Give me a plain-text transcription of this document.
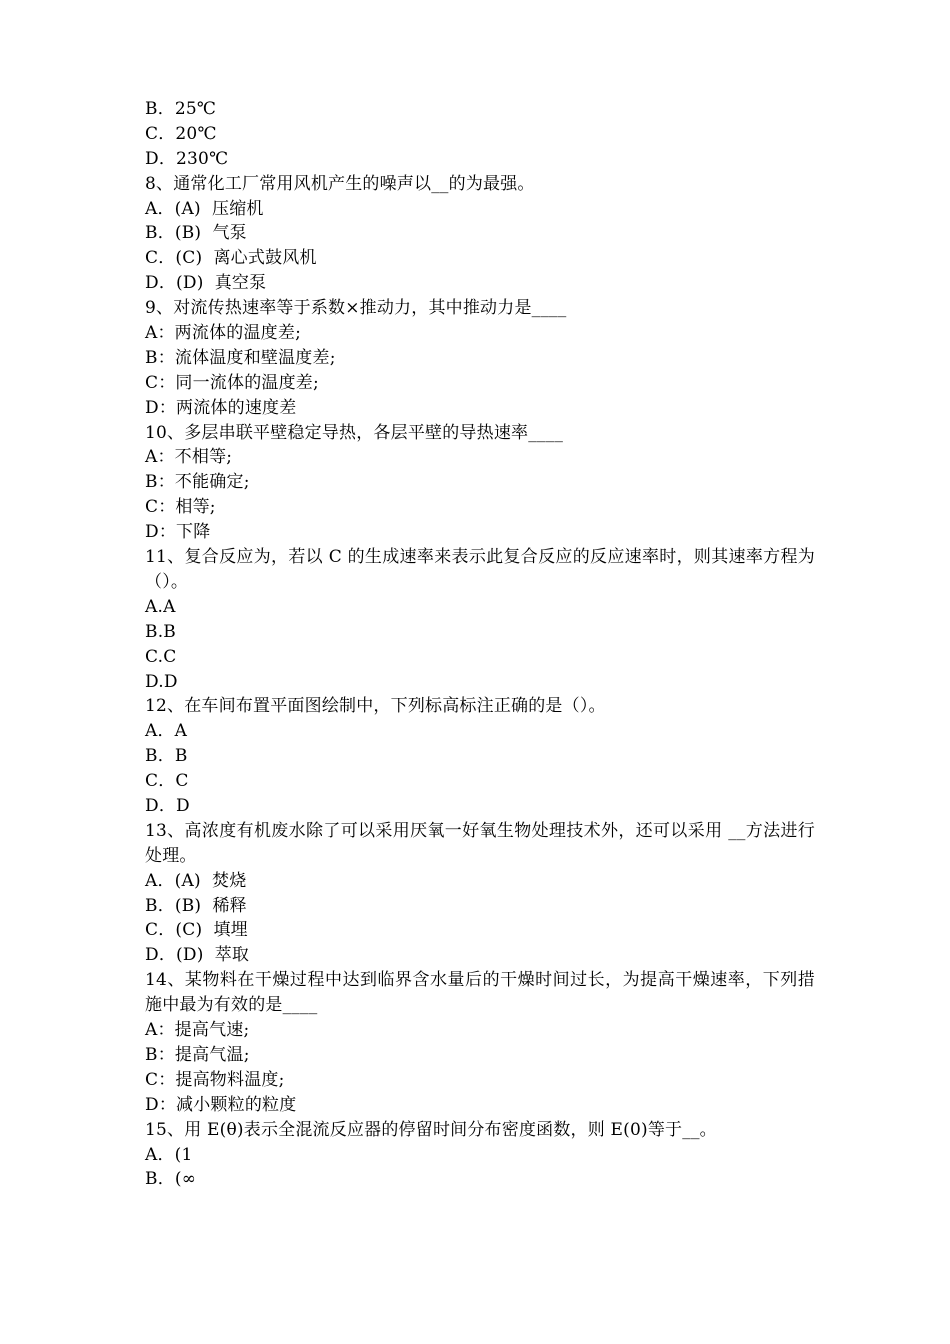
B．25℃
C．20℃
D．230℃
8、通常化工厂常用风机产生的噪声以__的为最强。
A．(A)  压缩机
B．(B)  气泵
C．(C)  离心式鼓风机
D．(D)  真空泵
9、对流传热速率等于系数×推动力，其中推动力是____
A：两流体的温度差;
B：流体温度和壁温度差;
C：同一流体的温度差;
D：两流体的速度差
10、多层串联平壁稳定导热，各层平壁的导热速率____
A：不相等;
B：不能确定;
C：相等;
D：下降
11、复合反应为，若以 C 的生成速率来表示此复合反应的反应速率时，则其速率方程为（）。
A.A
B.B
C.C
D.D
12、在车间布置平面图绘制中，下列标高标注正确的是（）。
A．A
B．B
C．C
D．D
13、高浓度有机废水除了可以采用厌氧一好氧生物处理技术外，还可以采用 __方法进行处理。
A．(A)  焚烧
B．(B)  稀释
C．(C)  填埋
D．(D)  萃取
14、某物料在干燥过程中达到临界含水量后的干燥时间过长，为提高干燥速率，下列措施中最为有效的是____
A：提高气速;
B：提高气温;
C：提高物料温度;
D：减小颗粒的粒度
15、用 E(θ)表示全混流反应器的停留时间分布密度函数，则 E(0)等于__。
A．(1
B．(∞
